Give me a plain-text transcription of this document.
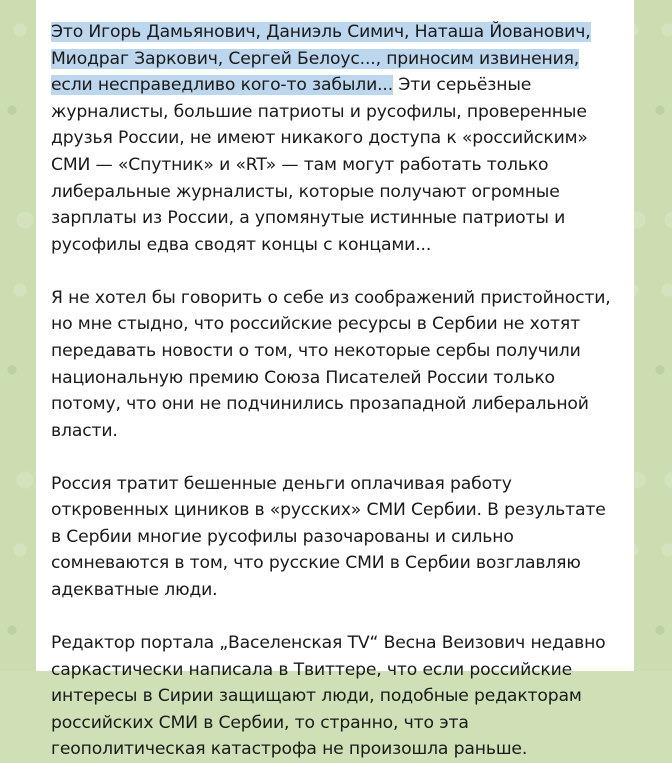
Это Игорь Дамьянович, Даниэль Симич, Наташа Йованович, Миодраг Заркович, Сергей Белоус..., приносим извинения, если несправедливо кого-то забыли... Эти серьёзные журналисты, большие патриоты и русофилы, проверенные друзья России, не имеют никакого доступа к «российским» СМИ — «Спутник» и «RT» — там могут работать только либеральные журналисты, которые получают огромные зарплаты из России, а упомянутые истинные патриоты и русофилы едва сводят концы с концами...

Я не хотел бы говорить о себе из соображений пристойности, но мне стыдно, что российские ресурсы в Сербии не хотят передавать новости о том, что некоторые сербы получили национальную премию Союза Писателей России только потому, что они не подчинились прозападной либеральной власти.

Россия тратит бешенные деньги оплачивая работу откровенных циников в «русских» СМИ Сербии. В результате в Сербии многие русофилы разочарованы и сильно сомневаются в том, что русские СМИ в Сербии возглавляю адекватные люди.

Редактор портала „Васеленская TV“ Весна Веизович недавно саркастически написала в Твиттере, что если российские интересы в Сирии защищают люди, подобные редакторам российских СМИ в Сербии, то странно, что эта геополитическая катастрофа не произошла раньше.
